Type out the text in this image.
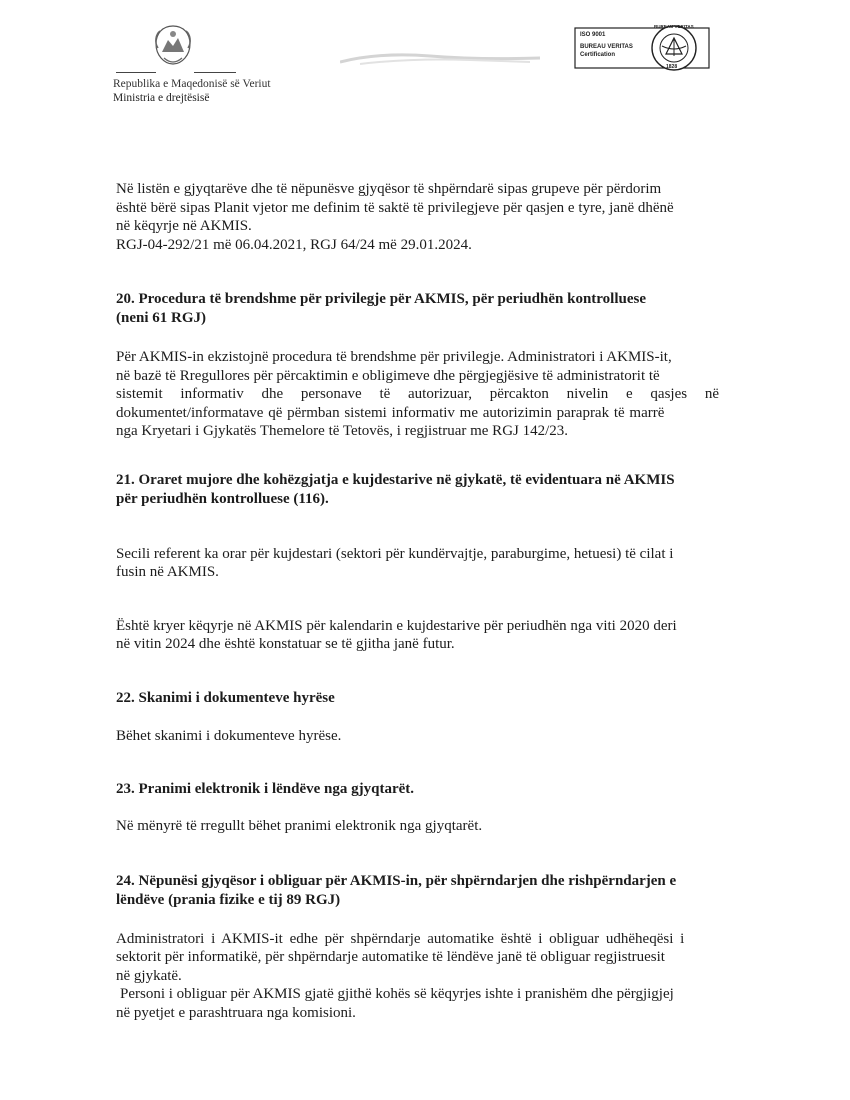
Republika e Maqedonisë së Veriut
Ministria e drejtësisë
ISO 9001
BUREAU VERITAS
Certification
BUREAU VERITAS
1828
Në listën e gjyqtarëve dhe të nëpunësve gjyqësor të shpërndarë sipas grupeve për përdorim
është bërë sipas Planit vjetor me definim të saktë të privilegjeve për qasjen e tyre, janë dhënë
në këqyrje në AKMIS.
RGJ-04-292/21 më 06.04.2021, RGJ 64/24 më 29.01.2024.
20. Procedura të brendshme për privilegje për AKMIS, për periudhën kontrolluese
(neni 61 RGJ)
Për AKMIS-in ekzistojnë procedura të brendshme për privilegje. Administratori i AKMIS-it,
në bazë të Rregullores për përcaktimin e obligimeve dhe përgjegjësive të administratorit të
sistemit informativ dhe personave të autorizuar, përcakton nivelin e qasjes në
dokumentet/informatave që përmban sistemi informativ me autorizimin paraprak të marrë
nga Kryetari i Gjykatës Themelore të Tetovës, i regjistruar me RGJ 142/23.
21. Oraret mujore dhe kohëzgjatja e kujdestarive në gjykatë, të evidentuara në AKMIS
për periudhën kontrolluese (116).
Secili referent ka orar për kujdestari (sektori për kundërvajtje, paraburgime, hetuesi) të cilat i
fusin në AKMIS.
Është kryer këqyrje në AKMIS për kalendarin e kujdestarive për periudhën nga viti 2020 deri
në vitin 2024 dhe është konstatuar se të gjitha janë futur.
22. Skanimi i dokumenteve hyrëse
Bëhet skanimi i dokumenteve hyrëse.
23. Pranimi elektronik i lëndëve nga gjyqtarët.
Në mënyrë të rregullt bëhet pranimi elektronik nga gjyqtarët.
24. Nëpunësi gjyqësor i obliguar për AKMIS-in, për shpërndarjen dhe rishpërndarjen e
lëndëve (prania fizike e tij 89 RGJ)
Administratori i AKMIS-it edhe për shpërndarje automatike është i obliguar udhëheqësi i
sektorit për informatikë, për shpërndarje automatike të lëndëve janë të obliguar regjistruesit
në gjykatë.
Personi i obliguar për AKMIS gjatë gjithë kohës së këqyrjes ishte i pranishëm dhe përgjigjej
në pyetjet e parashtruara nga komisioni.
